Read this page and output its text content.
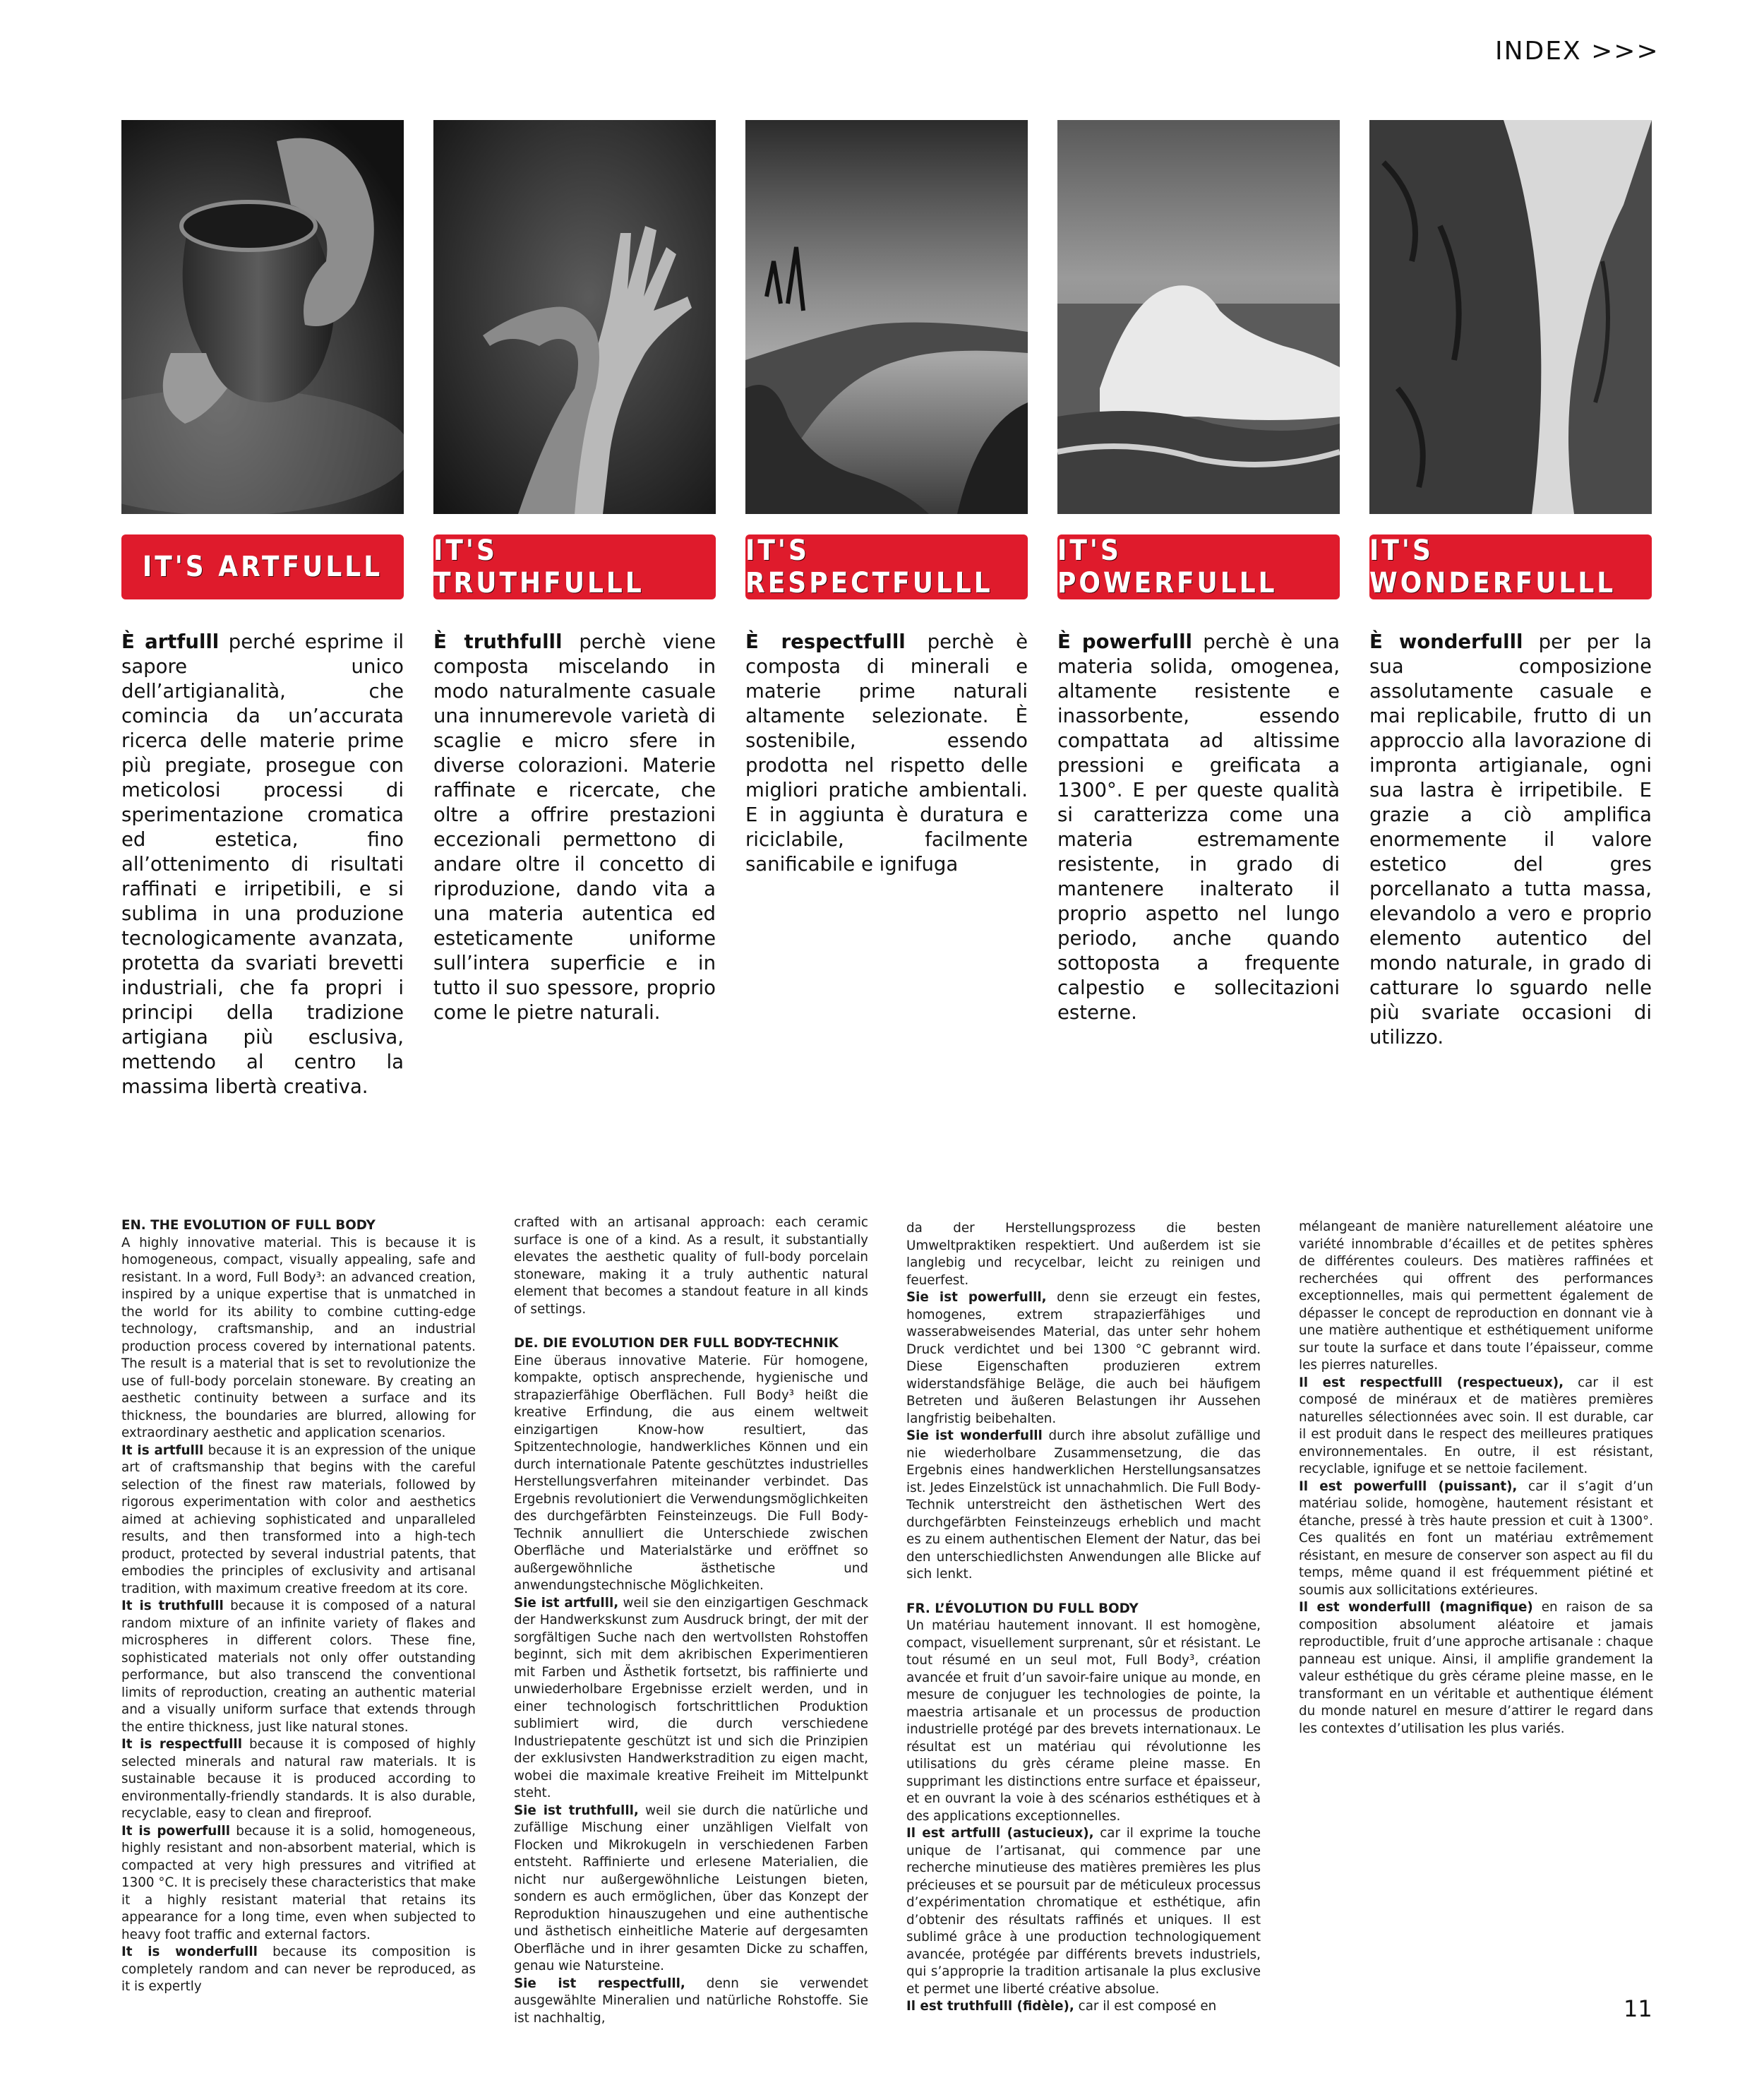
INDEX >>>
IT'S ARTFULLL IT'S TRUTHFULLL
IT'S RESPECTFULLL
IT'S POWERFULLL
IT'S WONDERFULLL
È artfulll perché esprime il sapore unico dell’artigianalità, che comincia da un’accurata ricerca delle materie prime più pregiate, prosegue con meticolosi processi di sperimentazione cromatica ed estetica, fino all’ottenimento di risultati raffinati e irripetibili, e si sublima in una produzione tecnologicamente avanzata, protetta da svariati brevetti industriali, che fa propri i principi della tradizione artigiana più esclusiva, mettendo al centro la massima libertà creativa.
È truthfulll perchè viene composta miscelando in modo naturalmente casuale una innumerevole varietà di scaglie e micro sfere in diverse colorazioni. Materie raffinate e ricercate, che oltre a offrire prestazioni eccezionali permettono di andare oltre il concetto di riproduzione, dando vita a una materia autentica ed esteticamente uniforme sull’intera superficie e in tutto il suo spessore, proprio come le pietre naturali.
È respectfulll perchè è composta di minerali e materie prime naturali altamente selezionate. È sostenibile, essendo prodotta nel rispetto delle migliori pratiche ambientali. E in aggiunta è duratura e riciclabile, facilmente sanificabile e ignifuga
È powerfulll perchè è una materia solida, omogenea, altamente resistente e inassorbente, essendo compattata ad altissime pressioni e greificata a 1300°. E per queste qualità si caratterizza come una materia estremamente resistente, in grado di mantenere inalterato il proprio aspetto nel lungo periodo, anche quando sottoposta a frequente calpestio e sollecitazioni esterne.
È wonderfulll per per la sua composizione assolutamente casuale e mai replicabile, frutto di un approccio alla lavorazione di impronta artigianale, ogni sua lastra è irripetibile. E grazie a ciò amplifica enormemente il valore estetico del gres porcellanato a tutta massa, elevandolo a vero e proprio elemento autentico del mondo naturale, in grado di catturare lo sguardo nelle più svariate occasioni di utilizzo.

EN. THE EVOLUTION OF FULL BODY

A highly innovative material. This is because it is homogeneous, compact, visually appealing, safe and resistant. In a word, Full Body³: an advanced creation, inspired by a unique expertise that is unmatched in the world for its ability to combine cutting-edge technology, craftsmanship, and an industrial production process covered by international patents. The result is a material that is set to revolutionize the use of full-body porcelain stoneware. By creating an aesthetic continuity between a surface and its thickness, the boundaries are blurred, allowing for extraordinary aesthetic and application scenarios.

It is artfulll because it is an expression of the unique art of craftsmanship that begins with the careful selection of the finest raw materials, followed by rigorous experimentation with color and aesthetics aimed at achieving sophisticated and unparalleled results, and then transformed into a high-tech product, protected by several industrial patents, that embodies the principles of exclusivity and artisanal tradition, with maximum creative freedom at its core.

It is truthfulll because it is composed of a natural random mixture of an infinite variety of flakes and microspheres in different colors. These fine, sophisticated materials not only offer outstanding performance, but also transcend the conventional limits of reproduction, creating an authentic material and a visually uniform surface that extends through the entire thickness, just like natural stones.

It is respectfulll because it is composed of highly selected minerals and natural raw materials. It is sustainable because it is produced according to environmentally-friendly standards. It is also durable, recyclable, easy to clean and fireproof.

It is powerfulll because it is a solid, homogeneous, highly resistant and non-absorbent material, which is compacted at very high pressures and vitrified at 1300 °C. It is precisely these characteristics that make it a highly resistant material that retains its appearance for a long time, even when subjected to heavy foot traffic and external factors.

It is wonderfulll because its composition is completely random and can never be reproduced, as it is expertly

crafted with an artisanal approach: each ceramic surface is one of a kind. As a result, it substantially elevates the aesthetic quality of full-body porcelain stoneware, making it a truly authentic natural element that becomes a standout feature in all kinds of settings.

DE. DIE EVOLUTION DER FULL BODY-TECHNIK

Eine überaus innovative Materie. Für homogene, kompakte, optisch ansprechende, hygienische und strapazierfähige Oberflächen. Full Body³ heißt die kreative Erfindung, die aus einem weltweit einzigartigen Know-how resultiert, das Spitzentechnologie, handwerkliches Können und ein durch internationale Patente geschütztes industrielles Herstellungsverfahren miteinander verbindet. Das Ergebnis revolutioniert die Verwendungsmöglichkeiten des durchgefärbten Feinsteinzeugs. Die Full Body-Technik annulliert die Unterschiede zwischen Oberfläche und Materialstärke und eröffnet so außergewöhnliche ästhetische und anwendungstechnische Möglichkeiten.

Sie ist artfulll, weil sie den einzigartigen Geschmack der Handwerkskunst zum Ausdruck bringt, der mit der sorgfältigen Suche nach den wertvollsten Rohstoffen beginnt, sich mit dem akribischen Experimentieren mit Farben und Ästhetik fortsetzt, bis raffinierte und unwiederholbare Ergebnisse erzielt werden, und in einer technologisch fortschrittlichen Produktion sublimiert wird, die durch verschiedene Industriepatente geschützt ist und sich die Prinzipien der exklusivsten Handwerkstradition zu eigen macht, wobei die maximale kreative Freiheit im Mittelpunkt steht.

Sie ist truthfulll, weil sie durch die natürliche und zufällige Mischung einer unzähligen Vielfalt von Flocken und Mikrokugeln in verschiedenen Farben entsteht. Raffinierte und erlesene Materialien, die nicht nur außergewöhnliche Leistungen bieten, sondern es auch ermöglichen, über das Konzept der Reproduktion hinauszugehen und eine authentische und ästhetisch einheitliche Materie auf dergesamten Oberfläche und in ihrer gesamten Dicke zu schaffen, genau wie Natursteine.

Sie ist respectfulll, denn sie verwendet ausgewählte Mineralien und natürliche Rohstoffe. Sie ist nachhaltig,

da der Herstellungsprozess die besten Umweltpraktiken respektiert. Und außerdem ist sie langlebig und recycelbar, leicht zu reinigen und feuerfest.

Sie ist powerfulll, denn sie erzeugt ein festes, homogenes, extrem strapazierfähiges und wasserabweisendes Material, das unter sehr hohem Druck verdichtet und bei 1300 °C gebrannt wird. Diese Eigenschaften produzieren extrem widerstandsfähige Beläge, die auch bei häufigem Betreten und äußeren Belastungen ihr Aussehen langfristig beibehalten.

Sie ist wonderfulll durch ihre absolut zufällige und nie wiederholbare Zusammensetzung, die das Ergebnis eines handwerklichen Herstellungsansatzes ist. Jedes Einzelstück ist unnachahmlich. Die Full Body-Technik unterstreicht den ästhetischen Wert des durchgefärbten Feinsteinzeugs erheblich und macht es zu einem authentischen Element der Natur, das bei den unterschiedlichsten Anwendungen alle Blicke auf sich lenkt.

FR. L’ÉVOLUTION DU FULL BODY

Un matériau hautement innovant. Il est homogène, compact, visuellement surprenant, sûr et résistant. Le tout résumé en un seul mot, Full Body³, création avancée et fruit d’un savoir-faire unique au monde, en mesure de conjuguer les technologies de pointe, la maestria artisanale et un processus de production industrielle protégé par des brevets internationaux. Le résultat est un matériau qui révolutionne les utilisations du grès cérame pleine masse. En supprimant les distinctions entre surface et épaisseur, et en ouvrant la voie à des scénarios esthétiques et à des applications exceptionnelles.

Il est artfulll (astucieux), car il exprime la touche unique de l’artisanat, qui commence par une recherche minutieuse des matières premières les plus précieuses et se poursuit par de méticuleux processus d’expérimentation chromatique et esthétique, afin d’obtenir des résultats raffinés et uniques. Il est sublimé grâce à une production technologiquement avancée, protégée par différents brevets industriels, qui s’approprie la tradition artisanale la plus exclusive et permet une liberté créative absolue.

Il est truthfulll (fidèle), car il est composé en

mélangeant de manière naturellement aléatoire une variété innombrable d’écailles et de petites sphères de différentes couleurs. Des matières raffinées et recherchées qui offrent des performances exceptionnelles, mais qui permettent également de dépasser le concept de reproduction en donnant vie à une matière authentique et esthétiquement uniforme sur toute la surface et dans toute l’épaisseur, comme les pierres naturelles.

Il est respectfulll (respectueux), car il est composé de minéraux et de matières premières naturelles sélectionnées avec soin. Il est durable, car il est produit dans le respect des meilleures pratiques environnementales. En outre, il est résistant, recyclable, ignifuge et se nettoie facilement.

Il est powerfulll (puissant), car il s’agit d’un matériau solide, homogène, hautement résistant et étanche, pressé à très haute pression et cuit à 1300°. Ces qualités en font un matériau extrêmement résistant, en mesure de conserver son aspect au fil du temps, même quand il est fréquemment piétiné et soumis aux sollicitations extérieures.

Il est wonderfulll (magnifique) en raison de sa composition absolument aléatoire et jamais reproductible, fruit d’une approche artisanale : chaque panneau est unique. Ainsi, il amplifie grandement la valeur esthétique du grès cérame pleine masse, en le transformant en un véritable et authentique élément du monde naturel en mesure d’attirer le regard dans les contextes d’utilisation les plus variés.

11
